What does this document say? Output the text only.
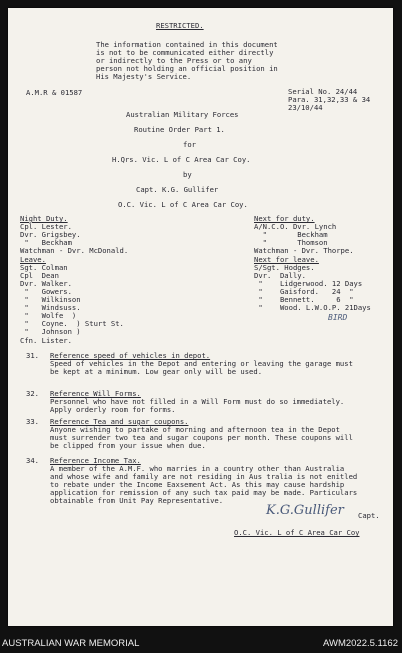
RESTRICTED.
The information contained in this document
is not to be communicated either directly
or indirectly to the Press or to any
person not holding an official position in
His Majesty's Service.
A.M.R & 01587	Serial No. 24/44
Para. 31,32,33 & 34
23/10/44
Australian Military Forces
Routine Order Part 1.
for
H.Qrs. Vic. L of C Area Car Coy.
by
Capt. K.G. Gullifer
O.C. Vic. L of C Area Car Coy.
Night Duty.
Cpl. Lester.
Dvr. Grigsbey.
"   Beckham
Watchman - Dvr. McDonald.
Leave.
Sgt. Colman
Cpl  Dean
Dvr. Walker.
"   Gowers.
"   Wilkinson
"   Windsuss.
"   Wolfe  )
"   Coyne.  ) Sturt St.
"   Johnson )
Cfn. Lister.
Next for duty.
A/N.C.O. Dvr. Lynch
"       Beckham
"       Thomson
Watchman - Dvr. Thorpe.
Next for leave.
S/Sgt. Hodges.
Dvr.  Dally.
"    Lidgerwood. 12 Days
"    Gaisford.   24  "
"    Bennett.     6  "
"    Wood. L.W.O.P. 21Days
BIRD
31. Reference speed of vehicles in depot.
Speed of vehicles in the Depot and entering or leaving the garage must
be kept at a minimum. Low gear only will be used.
32. Reference Will Forms.
Personnel who have not filled in a Will Form must do so immediately.
Apply orderly room for forms.
33. Reference Tea and sugar coupons.
Anyone wishing to partake of morning and afternoon tea in the Depot
must surrender two tea and sugar coupons per month. These coupons will
be clipped from your issue when due.
34. Reference Income Tax.
A member of the A.M.F. who marries in a country other than Australia
and whose wife and family are not residing in Aus tralia is not enitled
to rebate under the Income Eaxsement Act. As this may cause hardship
application for remission of any such tax paid may be made. Particulars
obtainable from Unit Pay Representative.
K.G.Gullifer Capt.
O.C. Vic. L of C Area Car Coy
AUSTRALIAN WAR MEMORIAL	AWM2022.5.1162
